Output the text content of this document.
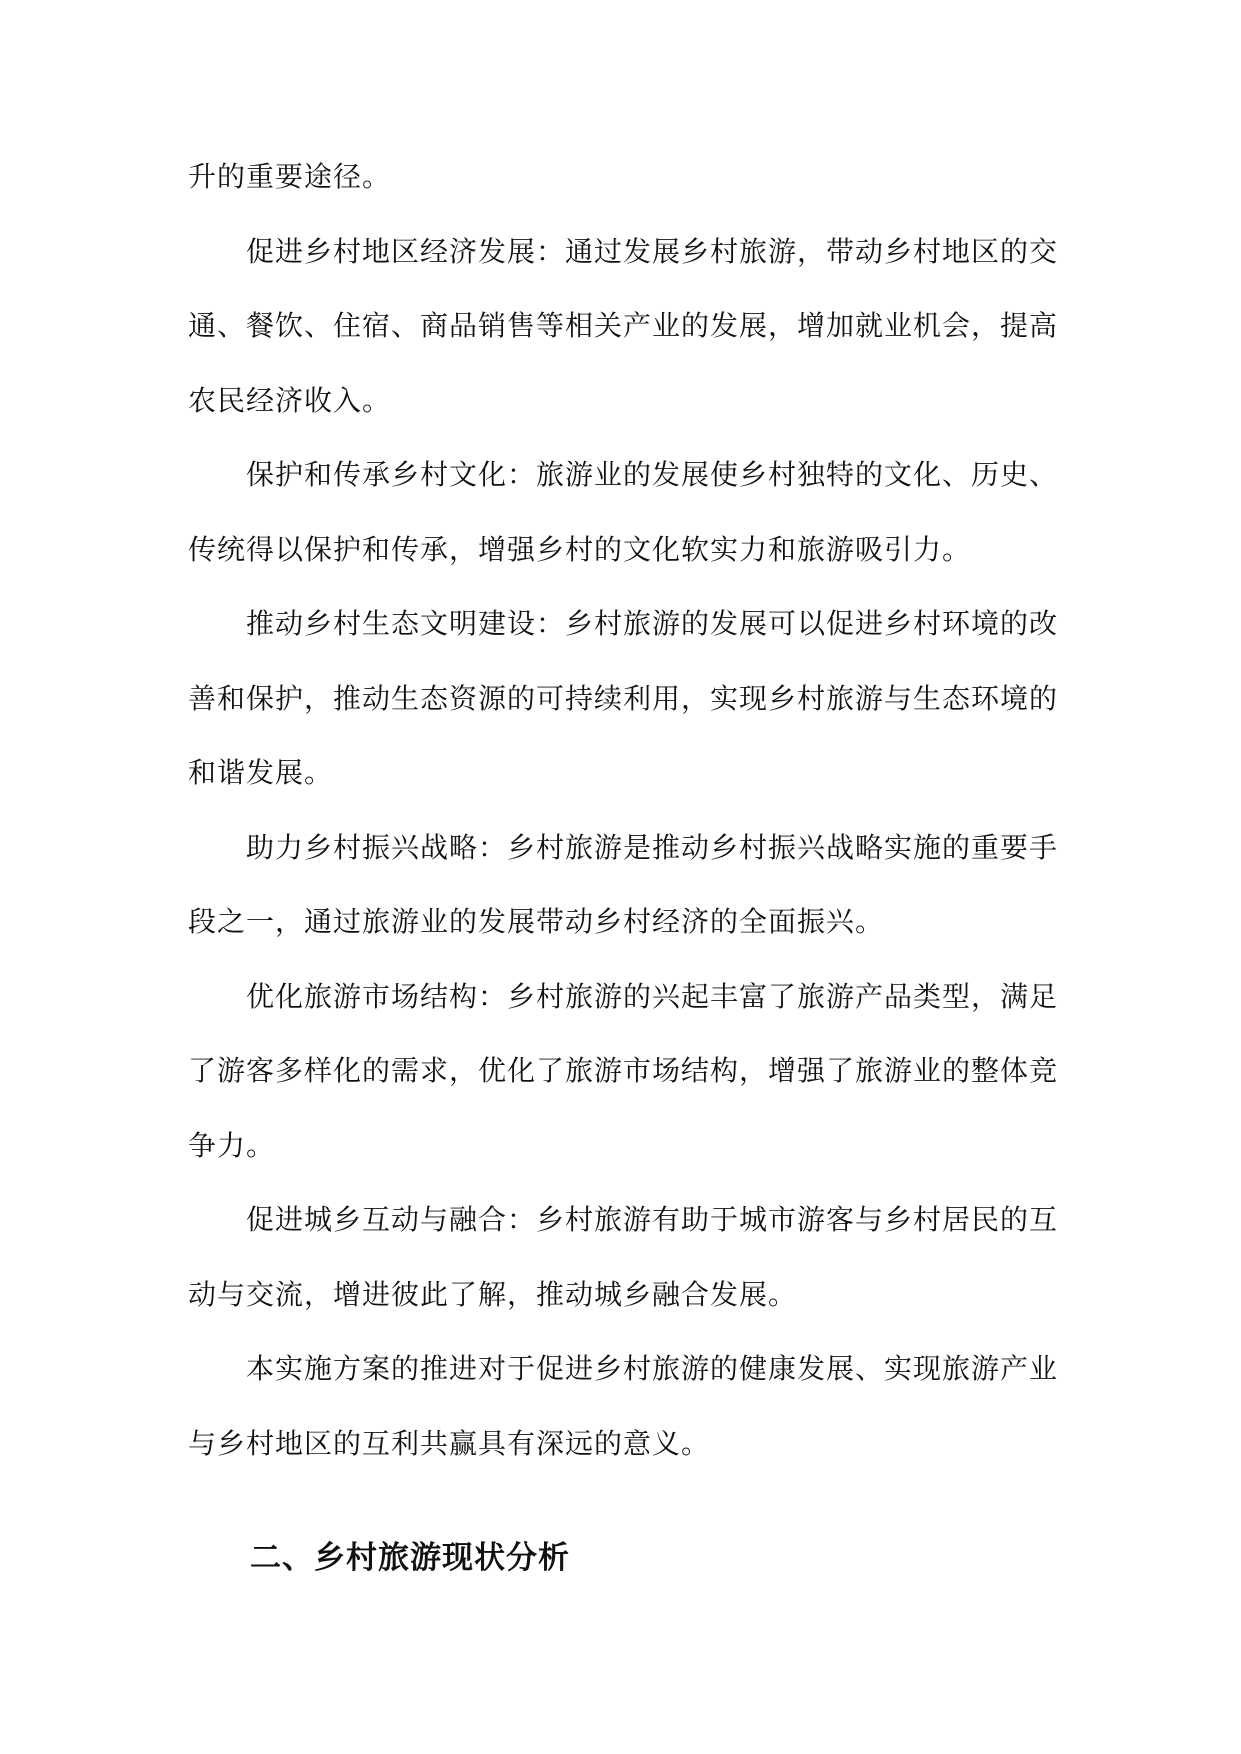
升的重要途径。

促进乡村地区经济发展：通过发展乡村旅游，带动乡村地区的交通、餐饮、住宿、商品销售等相关产业的发展，增加就业机会，提高农民经济收入。

保护和传承乡村文化：旅游业的发展使乡村独特的文化、历史、传统得以保护和传承，增强乡村的文化软实力和旅游吸引力。

推动乡村生态文明建设：乡村旅游的发展可以促进乡村环境的改善和保护，推动生态资源的可持续利用，实现乡村旅游与生态环境的和谐发展。

助力乡村振兴战略：乡村旅游是推动乡村振兴战略实施的重要手段之一，通过旅游业的发展带动乡村经济的全面振兴。

优化旅游市场结构：乡村旅游的兴起丰富了旅游产品类型，满足了游客多样化的需求，优化了旅游市场结构，增强了旅游业的整体竞争力。

促进城乡互动与融合：乡村旅游有助于城市游客与乡村居民的互动与交流，增进彼此了解，推动城乡融合发展。

本实施方案的推进对于促进乡村旅游的健康发展、实现旅游产业与乡村地区的互利共赢具有深远的意义。

二、乡村旅游现状分析
